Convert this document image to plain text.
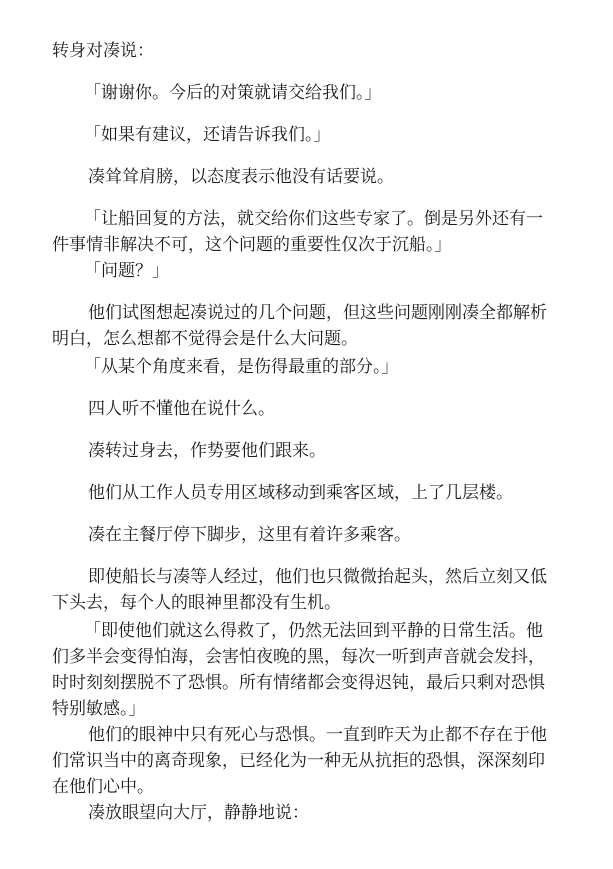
转身对凑说：

「谢谢你。今后的对策就请交给我们。」

「如果有建议，还请告诉我们。」

凑耸耸肩膀，以态度表示他没有话要说。

「让船回复的方法，就交给你们这些专家了。倒是另外还有一
件事情非解决不可，这个问题的重要性仅次于沉船。」

「问题？」

他们试图想起凑说过的几个问题，但这些问题刚刚凑全都解析
明白，怎么想都不觉得会是什么大问题。

「从某个角度来看，是伤得最重的部分。」

四人听不懂他在说什么。

凑转过身去，作势要他们跟来。

他们从工作人员专用区域移动到乘客区域，上了几层楼。

凑在主餐厅停下脚步，这里有着许多乘客。

即使船长与凑等人经过，他们也只微微抬起头，然后立刻又低
下头去，每个人的眼神里都没有生机。

「即使他们就这么得救了，仍然无法回到平静的日常生活。他
们多半会变得怕海，会害怕夜晚的黑，每次一听到声音就会发抖，
时时刻刻摆脱不了恐惧。所有情绪都会变得迟钝，最后只剩对恐惧
特别敏感。」

他们的眼神中只有死心与恐惧。一直到昨天为止都不存在于他
们常识当中的离奇现象，已经化为一种无从抗拒的恐惧，深深刻印
在他们心中。

凑放眼望向大厅，静静地说：
